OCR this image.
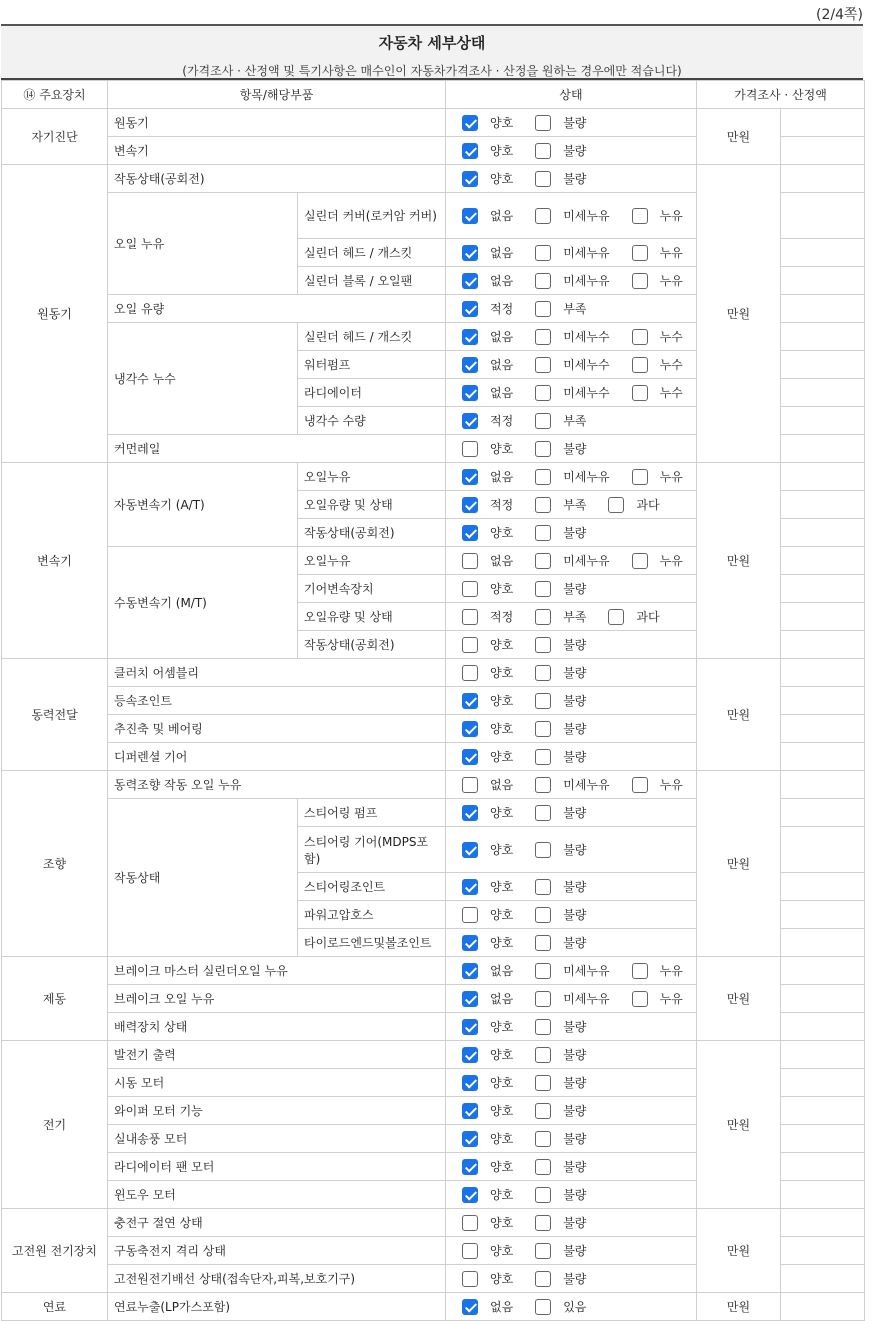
(2/4쪽)
자동차 세부상태
(가격조사 · 산정액 및 특기사항은 매수인이 자동차가격조사 · 산정을 원하는 경우에만 적습니다)
⑭ 주요장치	항목/해당부품		상태	가격조사 · 산정액	
자기진단	원동기		양호 불량	만원	
	변속기		양호 불량		
원동기	작동상태(공회전)		양호 불량	만원	
	오일 누유	실린더 커버(로커암 커버)	없음 미세누유 누유		
		실린더 헤드 / 개스킷	없음 미세누유 누유		
		실린더 블록 / 오일팬	없음 미세누유 누유		
	오일 유량		적정 부족		
	냉각수 누수	실린더 헤드 / 개스킷	없음 미세누수 누수		
		워터펌프	없음 미세누수 누수		
		라디에이터	없음 미세누수 누수		
		냉각수 수량	적정 부족		
	커먼레일		양호 불량		
변속기	자동변속기 (A/T)	오일누유	없음 미세누유 누유	만원	
		오일유량 및 상태	적정 부족 과다		
		작동상태(공회전)	양호 불량		
	수동변속기 (M/T)	오일누유	없음 미세누유 누유		
		기어변속장치	양호 불량		
		오일유량 및 상태	적정 부족 과다		
		작동상태(공회전)	양호 불량		
동력전달	클러치 어셈블리		양호 불량	만원	
	등속조인트		양호 불량		
	추진축 및 베어링		양호 불량		
	디퍼렌셜 기어		양호 불량		
조향	동력조향 작동 오일 누유		없음 미세누유 누유	만원	
	작동상태	스티어링 펌프	양호 불량		
		스티어링 기어(MDPS포함)	양호 불량		
		스티어링조인트	양호 불량		
		파워고압호스	양호 불량		
		타이로드엔드및볼조인트	양호 불량		
제동	브레이크 마스터 실린더오일 누유		없음 미세누유 누유	만원	
	브레이크 오일 누유		없음 미세누유 누유		
	배력장치 상태		양호 불량		
전기	발전기 출력		양호 불량	만원	
	시동 모터		양호 불량		
	와이퍼 모터 기능		양호 불량		
	실내송풍 모터		양호 불량		
	라디에이터 팬 모터		양호 불량		
	윈도우 모터		양호 불량		
고전원 전기장치	충전구 절연 상태		양호 불량	만원	
	구동축전지 격리 상태		양호 불량		
	고전원전기배선 상태(접속단자,피복,보호기구)		양호 불량		
연료	연료누출(LP가스포함)		없음 있음	만원	
